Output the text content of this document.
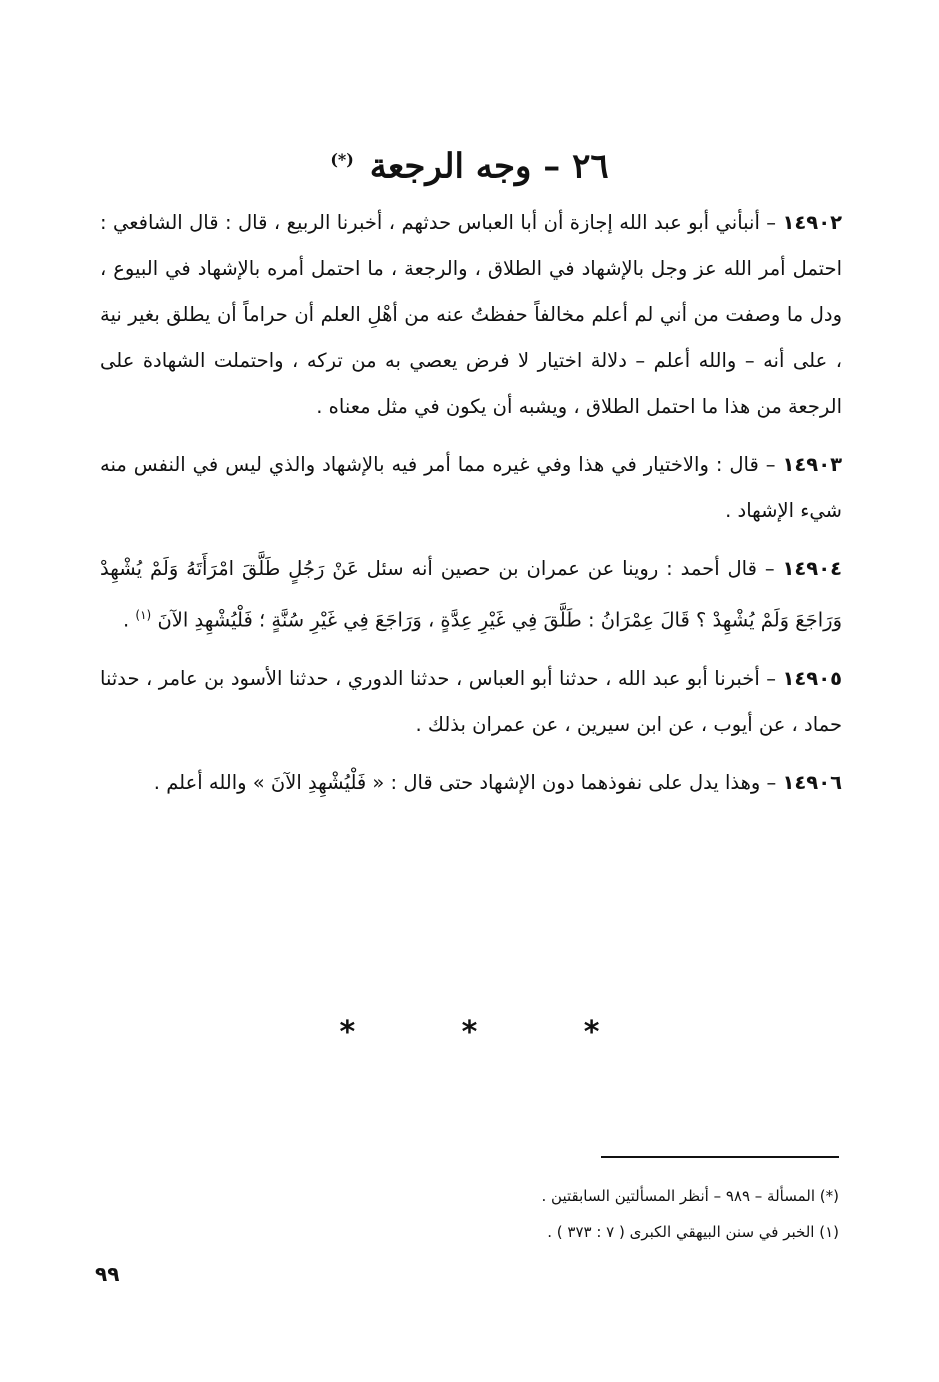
٢٦ – وجه الرجعة (*)

١٤٩٠٢ – أنبأني أبو عبد الله إجازة أن أبا العباس حدثهم ، أخبرنا الربيع ، قال : قال الشافعي : احتمل أمر الله عز وجل بالإشهاد في الطلاق ، والرجعة ، ما احتمل أمره بالإشهاد في البيوع ، ودل ما وصفت من أني لم أعلم مخالفاً حفظتُ عنه من أهْلِ العلم أن حراماً أن يطلق بغير نية ، على أنه – والله أعلم – دلالة اختيار لا فرض يعصي به من تركه ، واحتملت الشهادة على الرجعة من هذا ما احتمل الطلاق ، ويشبه أن يكون في مثل معناه .

١٤٩٠٣ – قال : والاختيار في هذا وفي غيره مما أمر فيه بالإشهاد والذي ليس في النفس منه شيء الإشهاد .

١٤٩٠٤ – قال أحمد : روينا عن عمران بن حصين أنه سئل عَنْ رَجُلٍ طَلَّقَ امْرَأَتَهُ وَلَمْ يُشْهِدْ وَرَاجَعَ وَلَمْ يُشْهِدْ ؟ قَالَ عِمْرَانُ : طَلَّقَ فِي غَيْرِ عِدَّةٍ ، وَرَاجَعَ فِي غَيْرِ سُنَّةٍ ؛ فَلْيُشْهِدِ الآنَ $^{(١)}$ .

١٤٩٠٥ – أخبرنا أبو عبد الله ، حدثنا أبو العباس ، حدثنا الدوري ، حدثنا الأسود بن عامر ، حدثنا حماد ، عن أيوب ، عن ابن سيرين ، عن عمران بذلك .

١٤٩٠٦ – وهذا يدل على نفوذهما دون الإشهاد حتى قال : « فَلْيُشْهِدِ الآنَ » والله أعلم .

* * *
(*) المسألة – ٩٨٩ – أنظر المسألتين السابقتين .
(١) الخبر في سنن البيهقي الكبرى ( ٧ : ٣٧٣ ) .
٩٩
